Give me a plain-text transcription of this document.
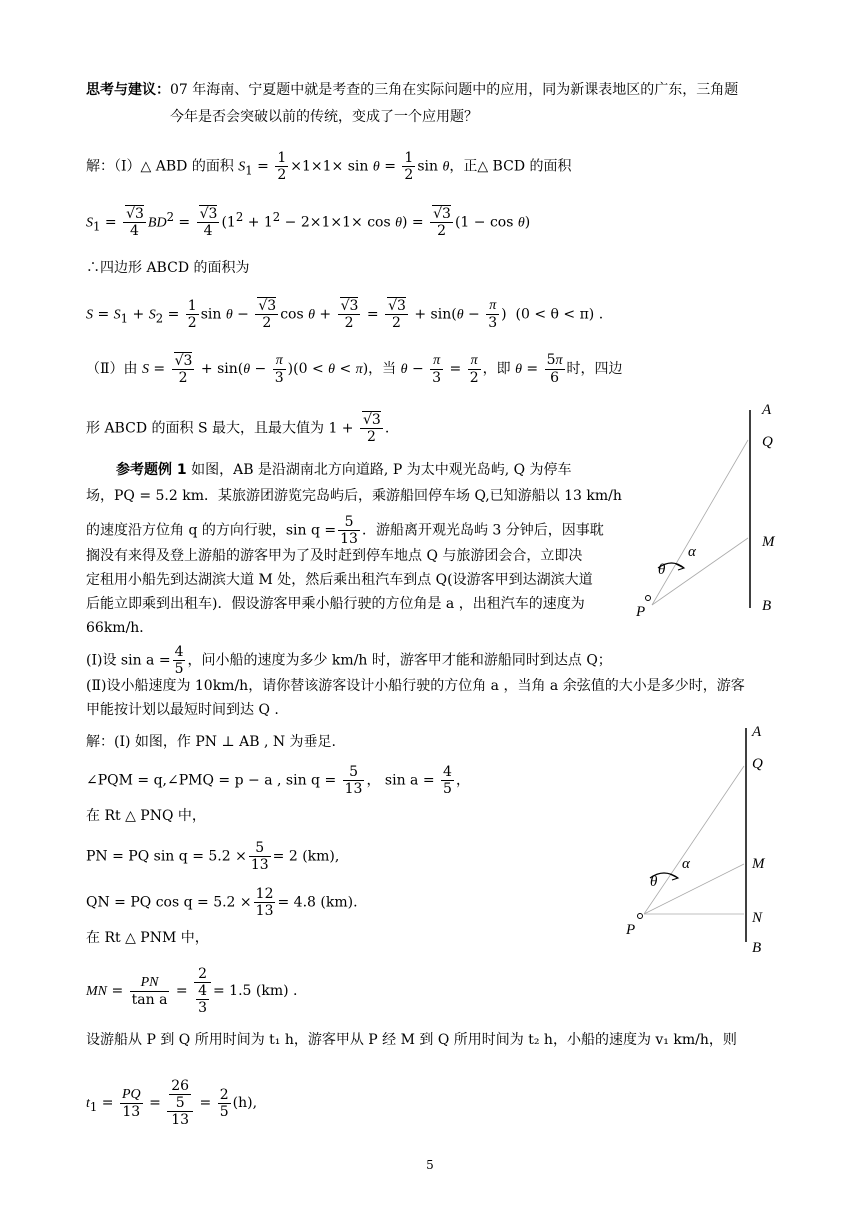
思考与建议：07 年海南、宁夏题中就是考查的三角在实际问题中的应用，同为新课表地区的广东，三角题
今年是否会突破以前的传统，变成了一个应用题？
解：（Ⅰ）△ ABD 的面积 $S_1 = \frac{1}{2} \times 1\times 1\times \sin \theta = \frac{1}{2}$ sin θ，正△ BCD 的面积
$S_1 = \frac{√3}{4} BD^2 = \frac{√3}{4} (1^2 + 1^2 - 2\times 1\times 1\times \cos \theta) = \frac{√3}{2} (1 - \cos \theta)$
∴四边形 ABCD 的面积为
$S = S_1 + S_2 = \frac{1}{2}$ $\sin \theta - \frac{√3}{2}$ $\cos \theta + \frac{√3}{2} = \frac{√3}{2} + \sin(\theta - \frac{\pi}{3}$ )  (0 < θ < π) .
（Ⅱ）由 $S = \frac{√3}{2} + \sin(\theta - \frac{\pi}{3} )(0 < \theta < \pi)$，当 $\theta - \frac{\pi}{3} = \frac{\pi}{2}$ ，即 $\theta = \frac{5\pi}{6}$ 时，四边
形 ABCD 的面积 S 最大，且最大值为 $1 + \frac{√3}{2}$ .
A
Q
M
B
P
θ
α
参考题例 1 如图，AB 是沿湖南北方向道路, P 为太中观光岛屿, Q 为停车
场，PQ = 5.2 km．某旅游团游览完岛屿后，乘游船回停车场 Q,已知游船以 13 km/h
的速度沿方位角 q 的方向行驶，$\sin q = \frac{5}{13}$ ．游船离开观光岛屿 3 分钟后，因事耽
搁没有来得及登上游船的游客甲为了及时赶到停车地点 Q 与旅游团会合，立即决
定租用小船先到达湖滨大道 M 处，然后乘出租汽车到点 Q(设游客甲到达湖滨大道
后能立即乘到出租车)．假设游客甲乘小船行驶的方位角是 a ，出租汽车的速度为
66km/h．
(Ⅰ)设 $\sin a = \frac{4}{5}$ ，问小船的速度为多少 km/h 时，游客甲才能和游船同时到达点 Q；
(Ⅱ)设小船速度为 10km/h，请你替该游客设计小船行驶的方位角 a ，当角 a 余弦值的大小是多少时，游客
甲能按计划以最短时间到达 Q .
解：(Ⅰ) 如图，作 PN ⊥ AB , N 为垂足.
∠PQM = q,∠PMQ = p − a , $\sin q = \frac{5}{13}$ ， $\sin a = \frac{4}{5}$ ，
在 Rt △ PNQ 中，
PN = PQ $\sin q = 5.2 \times \frac{5}{13} = 2$ (km),
QN = PQ $\cos q = 5.2 \times \frac{12}{13} = 4.8$ (km).
在 Rt △ PNM 中，
MN = $\frac{PN}{\text{tan a}} = \frac{2}{\frac{4}{3}} = 1.5$ (km) .
A
Q
M
N
B
P
θ
α
设游船从 P 到 Q 所用时间为 t₁ h，游客甲从 P 经 M 到 Q 所用时间为 t₂ h，小船的速度为 v₁ km/h，则
$t_1 = \frac{PQ}{13} = \frac{\frac{26}{5}}{13} = \frac{2}{5} (h)$,
5
